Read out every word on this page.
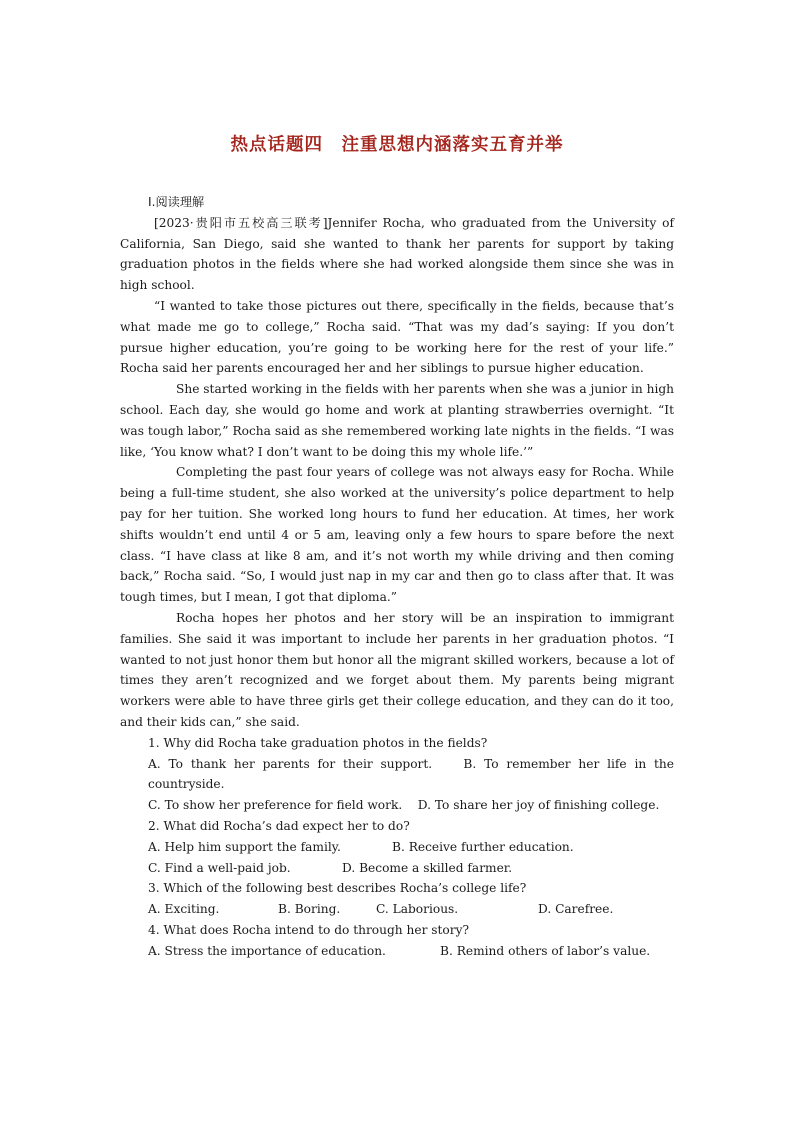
热点话题四　注重思想内涵落实五育并举

Ⅰ.阅读理解

[2023·贵阳市五校高三联考]Jennifer Rocha, who graduated from the University of California, San Diego, said she wanted to thank her parents for support by taking graduation photos in the fields where she had worked alongside them since she was in high school.

“I wanted to take those pictures out there, specifically in the fields, because that’s what made me go to college,” Rocha said. “That was my dad’s saying: If you don’t pursue higher education, you’re going to be working here for the rest of your life.” Rocha said her parents encouraged her and her siblings to pursue higher education.

She started working in the fields with her parents when she was a junior in high school. Each day, she would go home and work at planting strawberries overnight. “It was tough labor,” Rocha said as she remembered working late nights in the fields. “I was like, ‘You know what? I don’t want to be doing this my whole life.’”

Completing the past four years of college was not always easy for Rocha. While being a full-time student, she also worked at the university’s police department to help pay for her tuition. She worked long hours to fund her education. At times, her work shifts wouldn’t end until 4 or 5 am, leaving only a few hours to spare before the next class. “I have class at like 8 am, and it’s not worth my while driving and then coming back,” Rocha said. “So, I would just nap in my car and then go to class after that. It was tough times, but I mean, I got that diploma.”

Rocha hopes her photos and her story will be an inspiration to immigrant families. She said it was important to include her parents in her graduation photos. “I wanted to not just honor them but honor all the migrant skilled workers, because a lot of times they aren’t recognized and we forget about them. My parents being migrant workers were able to have three girls get their college education, and they can do it too, and their kids can,” she said.

1. Why did Rocha take graduation photos in the fields?

A. To thank her parents for their support.	B. To remember her life in the countryside.

C. To show her preference for field work. D. To share her joy of finishing college.

2. What did Rocha’s dad expect her to do?

A. Help him support the family.	B. Receive further education.
C. Find a well-paid job.	D. Become a skilled farmer.

3. Which of the following best describes Rocha’s college life?

A. Exciting.	B. Boring.	C. Laborious.	D. Carefree.

4. What does Rocha intend to do through her story?

A. Stress the importance of education.	B. Remind others of labor’s value.
